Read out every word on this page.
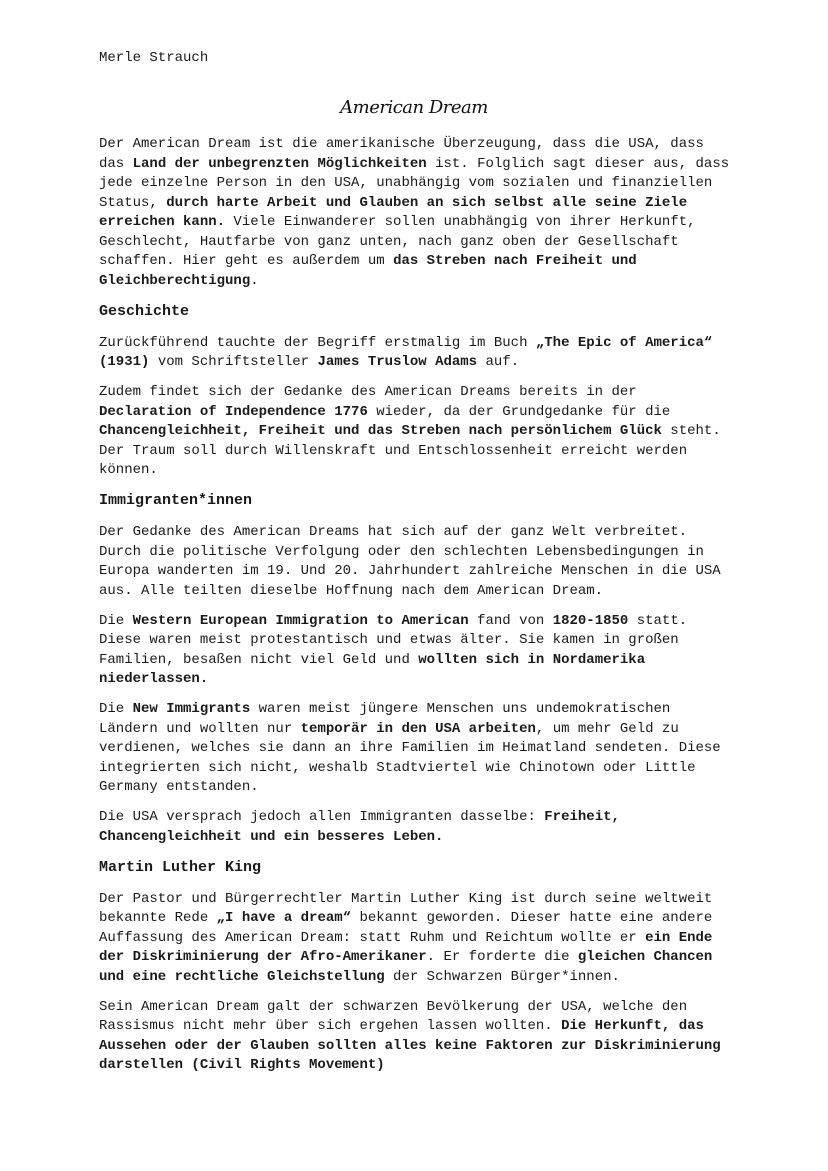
Merle Strauch
American Dream
Der American Dream ist die amerikanische Überzeugung, dass die USA, dass
das Land der unbegrenzten Möglichkeiten ist. Folglich sagt dieser aus, dass
jede einzelne Person in den USA, unabhängig vom sozialen und finanziellen
Status, durch harte Arbeit und Glauben an sich selbst alle seine Ziele
erreichen kann. Viele Einwanderer sollen unabhängig von ihrer Herkunft,
Geschlecht, Hautfarbe von ganz unten, nach ganz oben der Gesellschaft
schaffen. Hier geht es außerdem um das Streben nach Freiheit und
Gleichberechtigung.
Geschichte
Zurückführend tauchte der Begriff erstmalig im Buch „The Epic of America“
(1931) vom Schriftsteller James Truslow Adams auf.
Zudem findet sich der Gedanke des American Dreams bereits in der
Declaration of Independence 1776 wieder, da der Grundgedanke für die
Chancengleichheit, Freiheit und das Streben nach persönlichem Glück steht.
Der Traum soll durch Willenskraft und Entschlossenheit erreicht werden
können.
Immigranten*innen
Der Gedanke des American Dreams hat sich auf der ganz Welt verbreitet.
Durch die politische Verfolgung oder den schlechten Lebensbedingungen in
Europa wanderten im 19. Und 20. Jahrhundert zahlreiche Menschen in die USA
aus. Alle teilten dieselbe Hoffnung nach dem American Dream.
Die Western European Immigration to American fand von 1820-1850 statt.
Diese waren meist protestantisch und etwas älter. Sie kamen in großen
Familien, besaßen nicht viel Geld und wollten sich in Nordamerika
niederlassen.
Die New Immigrants waren meist jüngere Menschen uns undemokratischen
Ländern und wollten nur temporär in den USA arbeiten, um mehr Geld zu
verdienen, welches sie dann an ihre Familien im Heimatland sendeten. Diese
integrierten sich nicht, weshalb Stadtviertel wie Chinotown oder Little
Germany entstanden.
Die USA versprach jedoch allen Immigranten dasselbe: Freiheit,
Chancengleichheit und ein besseres Leben.
Martin Luther King
Der Pastor und Bürgerrechtler Martin Luther King ist durch seine weltweit
bekannte Rede „I have a dream“ bekannt geworden. Dieser hatte eine andere
Auffassung des American Dream: statt Ruhm und Reichtum wollte er ein Ende
der Diskriminierung der Afro-Amerikaner. Er forderte die gleichen Chancen
und eine rechtliche Gleichstellung der Schwarzen Bürger*innen.
Sein American Dream galt der schwarzen Bevölkerung der USA, welche den
Rassismus nicht mehr über sich ergehen lassen wollten. Die Herkunft, das
Aussehen oder der Glauben sollten alles keine Faktoren zur Diskriminierung
darstellen (Civil Rights Movement)
